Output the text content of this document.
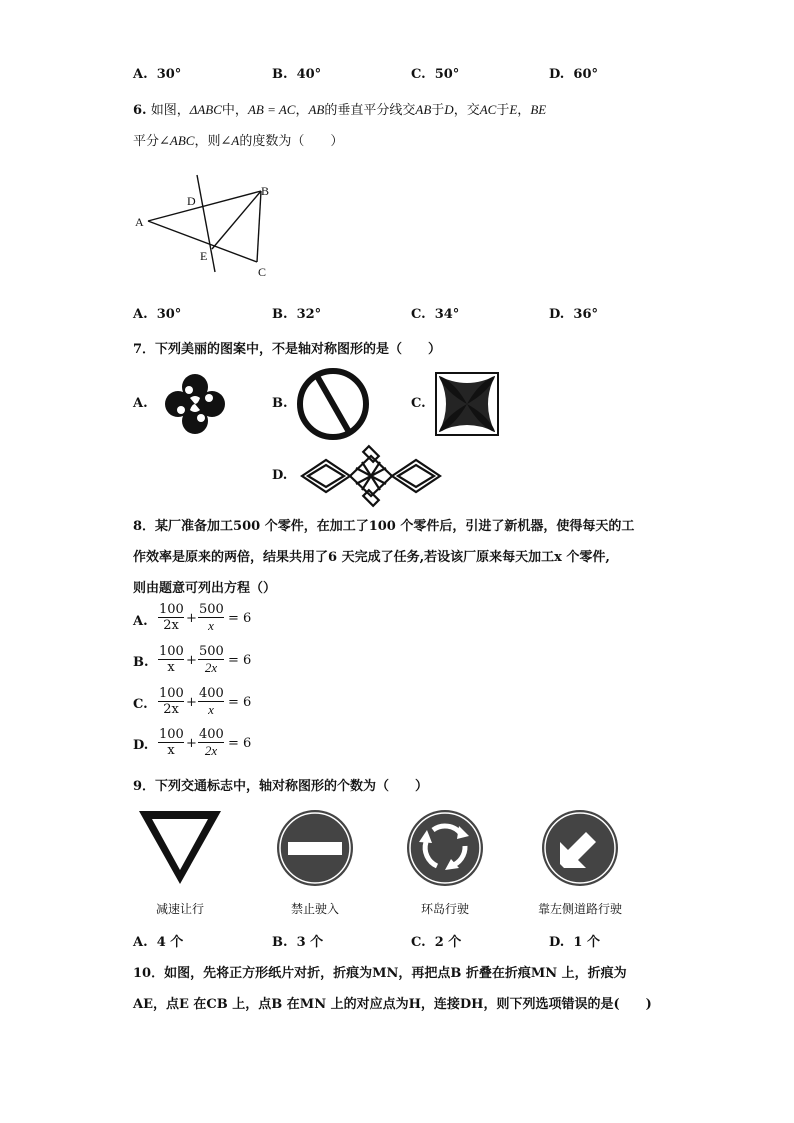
A. 30°	B. 40°	C. 50°	D. 60°
6. 如图，ΔABC中，AB = AC，AB的垂直平分线交AB于D，交AC于E，BE
平分∠ABC，则∠A的度数为（　　）
A
B
C
D
E
A. 30°	B. 32°	C. 34°	D. 36°
7．下列美丽的图案中，不是轴对称图形的是（　　）
A.	B.	C.
D.
8．某厂准备加工500 个零件，在加工了100 个零件后，引进了新机器，使得每天的工
作效率是原来的两倍，结果共用了6 天完成了任务,若设该厂原来每天加工x 个零件,
则由题意可列出方程（）
A. $\frac{100}{2x} + \frac{500}{x} = 6$
B. $\frac{100}{x} + \frac{500}{2x} = 6$
C. $\frac{100}{2x} + \frac{400}{x} = 6$
D. $\frac{100}{x} + \frac{400}{2x} = 6$
9．下列交通标志中，轴对称图形的个数为（　　）
减速让行	禁止驶入	环岛行驶	靠左侧道路行驶
A. 4 个	B. 3 个	C. 2 个	D. 1 个
10．如图，先将正方形纸片对折，折痕为MN，再把点B 折叠在折痕MN 上，折痕为
AE，点E 在CB 上，点B 在MN 上的对应点为H，连接DH，则下列选项错误的是(　　)
